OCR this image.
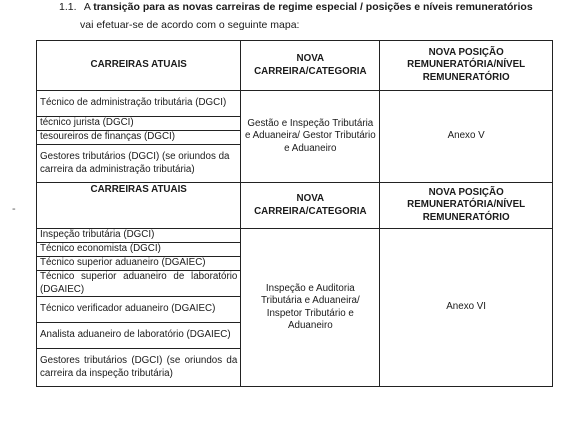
1.1. A transição para as novas carreiras de regime especial / posições e níveis remuneratórios
vai efetuar-se de acordo com o seguinte mapa:
-
CARREIRAS ATUAIS	NOVA CARREIRA/CATEGORIA	NOVA POSIÇÃO REMUNERATÓRIA/NÍVEL REMUNERATÓRIO
Técnico de administração tributária (DGCI)	Gestão e Inspeção Tributária e Aduaneira/ Gestor Tributário e Aduaneiro	Anexo V
técnico jurista (DGCI)		
tesoureiros de finanças (DGCI)		
Gestores tributários (DGCI) (se oriundos da carreira da administração tributária)		
CARREIRAS ATUAIS	NOVA CARREIRA/CATEGORIA	NOVA POSIÇÃO REMUNERATÓRIA/NÍVEL REMUNERATÓRIO
Inspeção tributária (DGCI)	Inspeção e Auditoria Tributária e Aduaneira/ Inspetor Tributário e Aduaneiro	Anexo VI
Técnico economista (DGCI)		
Técnico superior aduaneiro (DGAIEC)		
Técnico superior aduaneiro de laboratório (DGAIEC)		
Técnico verificador aduaneiro (DGAIEC)		
Analista aduaneiro de laboratório (DGAIEC)		
Gestores tributários (DGCI) (se oriundos da carreira da inspeção tributária)		
